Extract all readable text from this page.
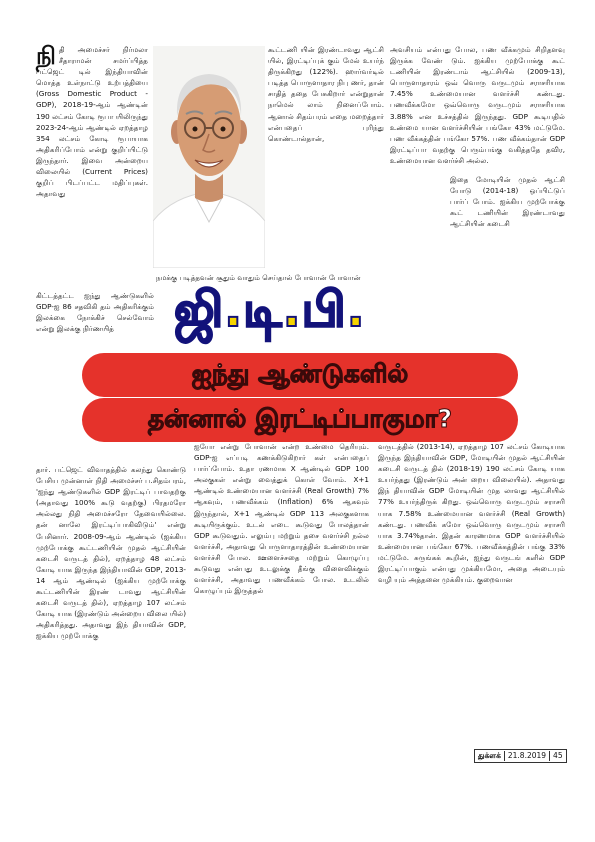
நி தி அமைச்சர் நிர்மலா சீதாராமன் சமர்ப்பித்த பட்ஜெட் டில் இந்தியாவின் மொத்த உள்நாட்டு உற்பத்தியை (Gross Domestic Product - GDP), 2018-19-ஆம் ஆண்டின் 190 லட்சம் கோடி ரூபா யிலிருந்து 2023-24-ஆம் ஆண்டில் ஏறத்தாழ 354 லட்சம் கோடி ரூபாயாக அதிகரிப்போம் என்று குறிப்பிட்டு இருந்தார். இவை அன்றைய விலையில் (Current Prices) குறிப் பிடப்பட்ட மதிப்புகள். அதாவது
கூட்டணி யின் இரண்டாவது ஆட்சி யில், இரட்டிப்புக் கும் மேல் உயர்ந் திருக்கிறது (122%). ஹார்வர்டில் படித்த பொருளாதார நிபு ணர், தான் சாதித் ததை பேசுகிறார் என்றுதான் நாமெல் லாம் நினைப்போம். ஆனால் சிதம்பரம் எதை மறைத்தார் என்பதைப் புரிந்து கொண்டால்தான்,

அவசியம் என்பது போல, பண வீக்கமும் சிறிதளவு இருக்க வேண் டும். ஐக்கிய முற்போக்கு கூட் டணியின் இரண்டாம் ஆட்சியில் (2009-13), பொருளாதாரம் ஒவ் வொரு வருடமும் சராசரியாக 7.45% உண்மையான வளர்ச்சி கண்டது. பணவீக்கமோ ஒவ்வொரு வருடமும் சராசரியாக 3.88% என உச்சத்தில் இருந்தது. GDP கூடியதில் உண்மை யான வளர்ச்சியின் பங்கோ 43% மட்டுமே. பண வீக்கத்தின் பங்கோ 57%. பண வீக்கம்தான் GDP இரட்டிப்பா வதற்கு பெரும்பங்கு வகித்ததே தவிர, உண்மையான வளர்ச்சி அல்ல.

இதை மோடியின் முதல் ஆட்சி யோடு (2014-18) ஒப்பிட்டுப் பார்ப் போம். ஐக்கிய முற்போக்கு கூட் டணியின் இரண்டாவது ஆட்சியின் கடைசி

நமக்கு படித்தவன் சூதும் வாதும் செய்தால் போவான் போவான்
கிட்டத்தட்ட ஐந்து ஆண்டுகளில் GDP-ஐ 86 சதவிகி தம் அதிகரிக்கும் இலக்கை நோக்கிச் செல்வோம் என்று இலக்கு நிர்ணயித்	ஜி.டி.பி.
ஐந்து ஆண்டுகளில்
தன்னால் இரட்டிப்பாகுமா?
தார். பட்ஜெட் விவாதத்தில் கலந்து கொண்டு பேசிய முன்னாள் நிதி அமைச்சர் ப.சிதம்பரம், 'ஐந்து ஆண்டுகளில் GDP இரட்டிப் பாவதற்கு (அதாவது 100% கூடு வதற்கு) பிரதமரோ அல்லது நிதி அமைச்சரோ தேவையில்லை. தன் னாலே இரட்டிப்பாகிவிடும்' என்று பேசினார். 2008-09-ஆம் ஆண்டில் (ஐக்கிய முற்போக்கு கூட்டணியின் முதல் ஆட்சியின் கடைசி வருடத் தில்), ஏறத்தாழ 48 லட்சம் கோடி யாக இருந்த இந்தியாவின் GDP, 2013-14 ஆம் ஆண்டில் (ஐக்கிய முற்போக்கு கூட்டணியின் இரண் டாவது ஆட்சியின் கடைசி வருடத் தில்), ஏறத்தாழ 107 லட்சம் கோடி யாக (இரண்டும் அன்றைய விலை யில்) அதிகரித்தது. அதாவது இந் தியாவின் GDP, ஐக்கிய முற்போக்கு
ஐயோ என்று போவான் என்ற உண்மை தெரியும். GDP-ஐ எப்படி கணக்கிடுகிறார் கள் என்பதைப் பார்ப்போம். உதா ரணமாக X ஆண்டில் GDP 100 அலகுகள் என்று வைத்துக் கொள் வோம். X+1 ஆண்டில் உண்மையான வளர்ச்சி (Real Growth) 7% ஆகவும், பணவீக்கம் (Inflation) 6% ஆகவும் இருந்தால், X+1 ஆண்டில் GDP 113 அலகுகளாக கூடியிருக்கும். உடல் எடை கூடுவது போலத்தான் GDP கூடுவதும். எலும்பு மற்றும் தசை வளர்ச்சி நல்ல வளர்ச்சி, அதாவது பொருளாதாரத்தின் உண்மையான வளர்ச்சி போல. ஊளைச்சதை மற்றும் கொழுப்பு கூடுவது என்பது உடலுக்கு தீங்கு விளைவிக்கும் வளர்ச்சி, அதாவது பணவீக்கம் போல. உடலில் கொழுப்பும் இருத்தல்
வருடத்தில் (2013-14), ஏறத்தாழ 107 லட்சம் கோடியாக இருந்த இந்தியாவின் GDP, மோடியின் முதல் ஆட்சியின் கடைசி வருடத் தில் (2018-19) 190 லட்சம் கோடி யாக உயர்ந்தது (இரண்டும் அன் றைய விலையில்). அதாவது இந் தியாவின் GDP மோடியின் முத லாவது ஆட்சியில் 77% உயர்ந்திருக் கிறது. ஒவ்வொரு வருடமும் சராசரி யாக 7.58% உண்மையான வளர்ச்சி (Real Growth) கண்டது. பணவீக் கமோ ஒவ்வொரு வருடமும் சராசரி யாக 3.74%தான். இதன் காரணமாக GDP வளர்ச்சியில் உண்மையான பங்கோ 67%. பணவீக்கத்தின் பங்கு 33% மட்டுமே. சுருங்கக் கூறின், ஐந்து வருடங் களில் GDP இரட்டிப்பாகும் என்பது முக்கியமோ, அதை அடையும் வழி யும் அத்தனை முக்கியம். குறைவான
துக்ளக் 21.8.2019 45
